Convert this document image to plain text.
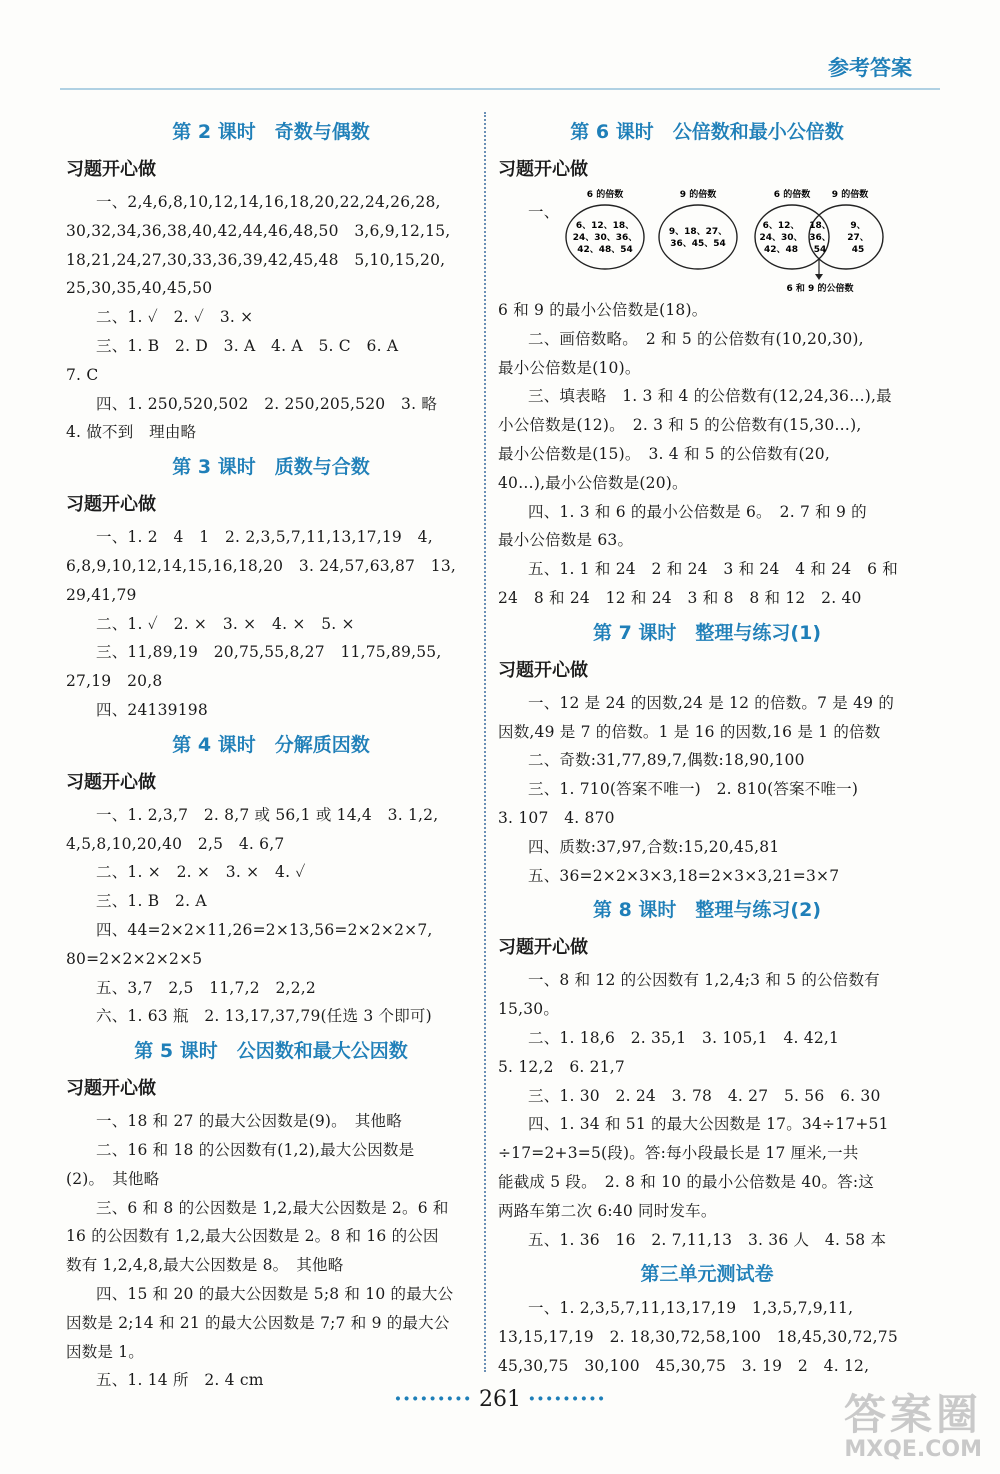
参考答案
第 2 课时　奇数与偶数
习题开心做
一、2,4,6,8,10,12,14,16,18,20,22,24,26,28,
30,32,34,36,38,40,42,44,46,48,50　3,6,9,12,15,
18,21,24,27,30,33,36,39,42,45,48　5,10,15,20,
25,30,35,40,45,50
二、1. ✓　2. ✓　3. ×
三、1. B　2. D　3. A　4. A　5. C　6. A
7. C
四、1. 250,520,502　2. 250,205,520　3. 略
4. 做不到　理由略
第 3 课时　质数与合数
习题开心做
一、1. 2　4　1　2. 2,3,5,7,11,13,17,19　4,
6,8,9,10,12,14,15,16,18,20　3. 24,57,63,87　13,
29,41,79
二、1. ✓　2. ×　3. ×　4. ×　5. ×
三、11,89,19　20,75,55,8,27　11,75,89,55,
27,19　20,8
四、24139198
第 4 课时　分解质因数
习题开心做
一、1. 2,3,7　2. 8,7 或 56,1 或 14,4　3. 1,2,
4,5,8,10,20,40　2,5　4. 6,7
二、1. ×　2. ×　3. ×　4. ✓
三、1. B　2. A
四、44=2×2×11,26=2×13,56=2×2×2×7,
80=2×2×2×2×5
五、3,7　2,5　11,7,2　2,2,2
六、1. 63 瓶　2. 13,17,37,79(任选 3 个即可)
第 5 课时　公因数和最大公因数
习题开心做
一、18 和 27 的最大公因数是(9)。　其他略
二、16 和 18 的公因数有(1,2),最大公因数是
(2)。　其他略
三、6 和 8 的公因数是 1,2,最大公因数是 2。6 和
16 的公因数有 1,2,最大公因数是 2。8 和 16 的公因
数有 1,2,4,8,最大公因数是 8。　其他略
四、15 和 20 的最大公因数是 5;8 和 10 的最大公
因数是 2;14 和 21 的最大公因数是 7;7 和 9 的最大公
因数是 1。
五、1. 14 所　2. 4 cm
第 6 课时　公倍数和最小公倍数
习题开心做
一、
6 的倍数
6、12、18、
24、30、36、
42、48、54
9 的倍数
9、18、27、
36、45、54
6 的倍数
6、12、
24、30、
42、48
9 的倍数
9、
27、
45
18、
36、
54
6 和 9 的公倍数
6 和 9 的最小公倍数是(18)。
二、画倍数略。　2 和 5 的公倍数有(10,20,30),
最小公倍数是(10)。
三、填表略　1. 3 和 4 的公倍数有(12,24,36…),最
小公倍数是(12)。　2. 3 和 5 的公倍数有(15,30…),
最小公倍数是(15)。　3. 4 和 5 的公倍数有(20,
40…),最小公倍数是(20)。
四、1. 3 和 6 的最小公倍数是 6。　2. 7 和 9 的
最小公倍数是 63。
五、1. 1 和 24　2 和 24　3 和 24　4 和 24　6 和
24　8 和 24　12 和 24　3 和 8　8 和 12　2. 40
第 7 课时　整理与练习(1)
习题开心做
一、12 是 24 的因数,24 是 12 的倍数。7 是 49 的
因数,49 是 7 的倍数。1 是 16 的因数,16 是 1 的倍数
二、奇数:31,77,89,7,偶数:18,90,100
三、1. 710(答案不唯一)　2. 810(答案不唯一)
3. 107　4. 870
四、质数:37,97,合数:15,20,45,81
五、36=2×2×3×3,18=2×3×3,21=3×7
第 8 课时　整理与练习(2)
习题开心做
一、8 和 12 的公因数有 1,2,4;3 和 5 的公倍数有
15,30。
二、1. 18,6　2. 35,1　3. 105,1　4. 42,1
5. 12,2　6. 21,7
三、1. 30　2. 24　3. 78　4. 27　5. 56　6. 30
四、1. 34 和 51 的最大公因数是 17。34÷17+51
÷17=2+3=5(段)。答:每小段最长是 17 厘米,一共
能截成 5 段。　2. 8 和 10 的最小公倍数是 40。答:这
两路车第二次 6:40 同时发车。
五、1. 36　16　2. 7,11,13　3. 36 人　4. 58 本
第三单元测试卷
一、1. 2,3,5,7,11,13,17,19　1,3,5,7,9,11,
13,15,17,19　2. 18,30,72,58,100　18,45,30,72,75
45,30,75　30,100　45,30,75　3. 19　2　4. 12,
········· 261 ·········	答案圈
MXQE.COM
